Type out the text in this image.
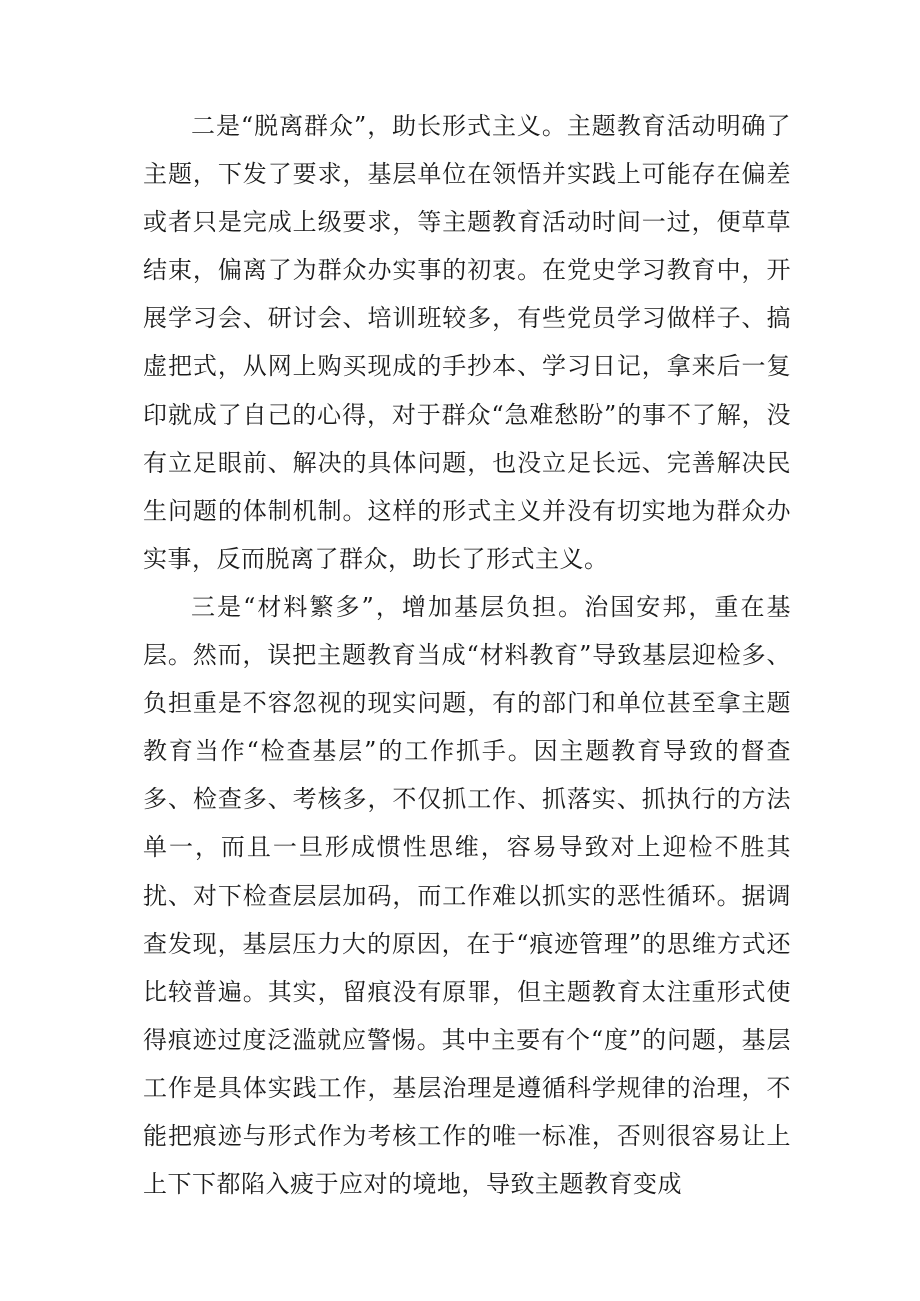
二是“脱离群众”，助长形式主义。主题教育活动明确了主题，下发了要求，基层单位在领悟并实践上可能存在偏差或者只是完成上级要求，等主题教育活动时间一过，便草草结束，偏离了为群众办实事的初衷。在党史学习教育中，开展学习会、研讨会、培训班较多，有些党员学习做样子、搞虚把式，从网上购买现成的手抄本、学习日记，拿来后一复印就成了自己的心得，对于群众“急难愁盼”的事不了解，没有立足眼前、解决的具体问题，也没立足长远、完善解决民生问题的体制机制。这样的形式主义并没有切实地为群众办实事，反而脱离了群众，助长了形式主义。

三是“材料繁多”，增加基层负担。治国安邦，重在基层。然而，误把主题教育当成“材料教育”导致基层迎检多、负担重是不容忽视的现实问题，有的部门和单位甚至拿主题教育当作“检查基层”的工作抓手。因主题教育导致的督查多、检查多、考核多，不仅抓工作、抓落实、抓执行的方法单一，而且一旦形成惯性思维，容易导致对上迎检不胜其扰、对下检查层层加码，而工作难以抓实的恶性循环。据调查发现，基层压力大的原因，在于“痕迹管理”的思维方式还比较普遍。其实，留痕没有原罪，但主题教育太注重形式使得痕迹过度泛滥就应警惕。其中主要有个“度”的问题，基层工作是具体实践工作，基层治理是遵循科学规律的治理，不能把痕迹与形式作为考核工作的唯一标准，否则很容易让上上下下都陷入疲于应对的境地，导致主题教育变成
